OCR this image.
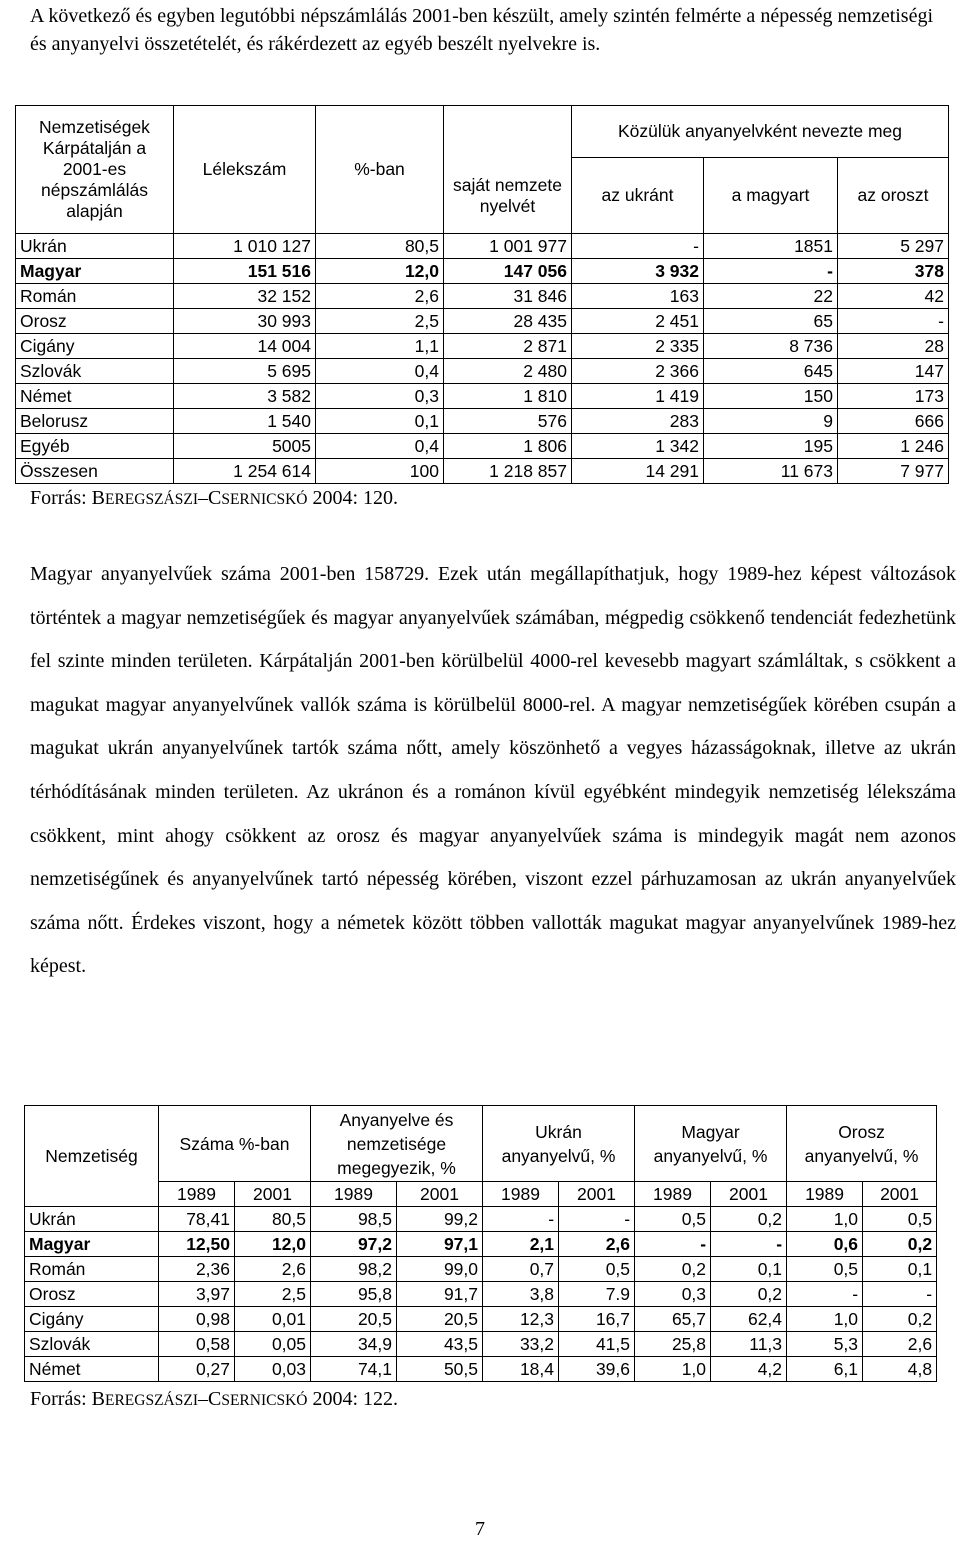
A következő és egyben legutóbbi népszámlálás 2001-ben készült, amely szintén felmérte a népesség nemzetiségi és anyanyelvi összetételét, és rákérdezett az egyéb beszélt nyelvekre is.

Nemzetiségek Kárpátalján a 2001-es népszámlálás alapján	Lélekszám	%-ban	saját nemzete nyelvét	Közülük anyanyelvként nevezte meg		
				az ukránt	a magyart	az oroszt
Ukrán	1 010 127	80,5	1 001 977	-	1851	5 297
Magyar	151 516	12,0	147 056	3 932	-	378
Román	32 152	2,6	31 846	163	22	42
Orosz	30 993	2,5	28 435	2 451	65	-
Cigány	14 004	1,1	2 871	2 335	8 736	28
Szlovák	5 695	0,4	2 480	2 366	645	147
Német	3 582	0,3	1 810	1 419	150	173
Belorusz	1 540	0,1	576	283	9	666
Egyéb	5005	0,4	1 806	1 342	195	1 246
Összesen	1 254 614	100	1 218 857	14 291	11 673	7 977

Forrás: BEREGSZÁSZI–CSERNICSKÓ 2004: 120.

Magyar anyanyelvűek száma 2001-ben 158729. Ezek után megállapíthatjuk, hogy 1989-hez képest változások történtek a magyar nemzetiségűek és magyar anyanyelvűek számában, mégpedig csökkenő tendenciát fedezhetünk fel szinte minden területen. Kárpátalján 2001-ben körülbelül 4000-rel kevesebb magyart számláltak, s csökkent a magukat magyar anyanyelvűnek vallók száma is körülbelül 8000-rel. A magyar nemzetiségűek körében csupán a magukat ukrán anyanyelvűnek tartók száma nőtt, amely köszönhető a vegyes házasságoknak, illetve az ukrán térhódításának minden területen. Az ukránon és a románon kívül egyébként mindegyik nemzetiség lélekszáma csökkent, mint ahogy csökkent az orosz és magyar anyanyelvűek száma is mindegyik magát nem azonos nemzetiségűnek és anyanyelvűnek tartó népesség körében, viszont ezzel párhuzamosan az ukrán anyanyelvűek száma nőtt. Érdekes viszont, hogy a németek között többen vallották magukat magyar anyanyelvűnek 1989-hez képest.

Nemzetiség	Száma %-ban		Anyanyelve és nemzetisége megegyezik, %		Ukrán anyanyelvű, %		Magyar anyanyelvű, %		Orosz anyanyelvű, %	
	1989	2001	1989	2001	1989	2001	1989	2001	1989	2001
Ukrán	78,41	80,5	98,5	99,2	-	-	0,5	0,2	1,0	0,5
Magyar	12,50	12,0	97,2	97,1	2,1	2,6	-	-	0,6	0,2
Román	2,36	2,6	98,2	99,0	0,7	0,5	0,2	0,1	0,5	0,1
Orosz	3,97	2,5	95,8	91,7	3,8	7.9	0,3	0,2	-	-
Cigány	0,98	0,01	20,5	20,5	12,3	16,7	65,7	62,4	1,0	0,2
Szlovák	0,58	0,05	34,9	43,5	33,2	41,5	25,8	11,3	5,3	2,6
Német	0,27	0,03	74,1	50,5	18,4	39,6	1,0	4,2	6,1	4,8

Forrás: BEREGSZÁSZI–CSERNICSKÓ 2004: 122.

7
